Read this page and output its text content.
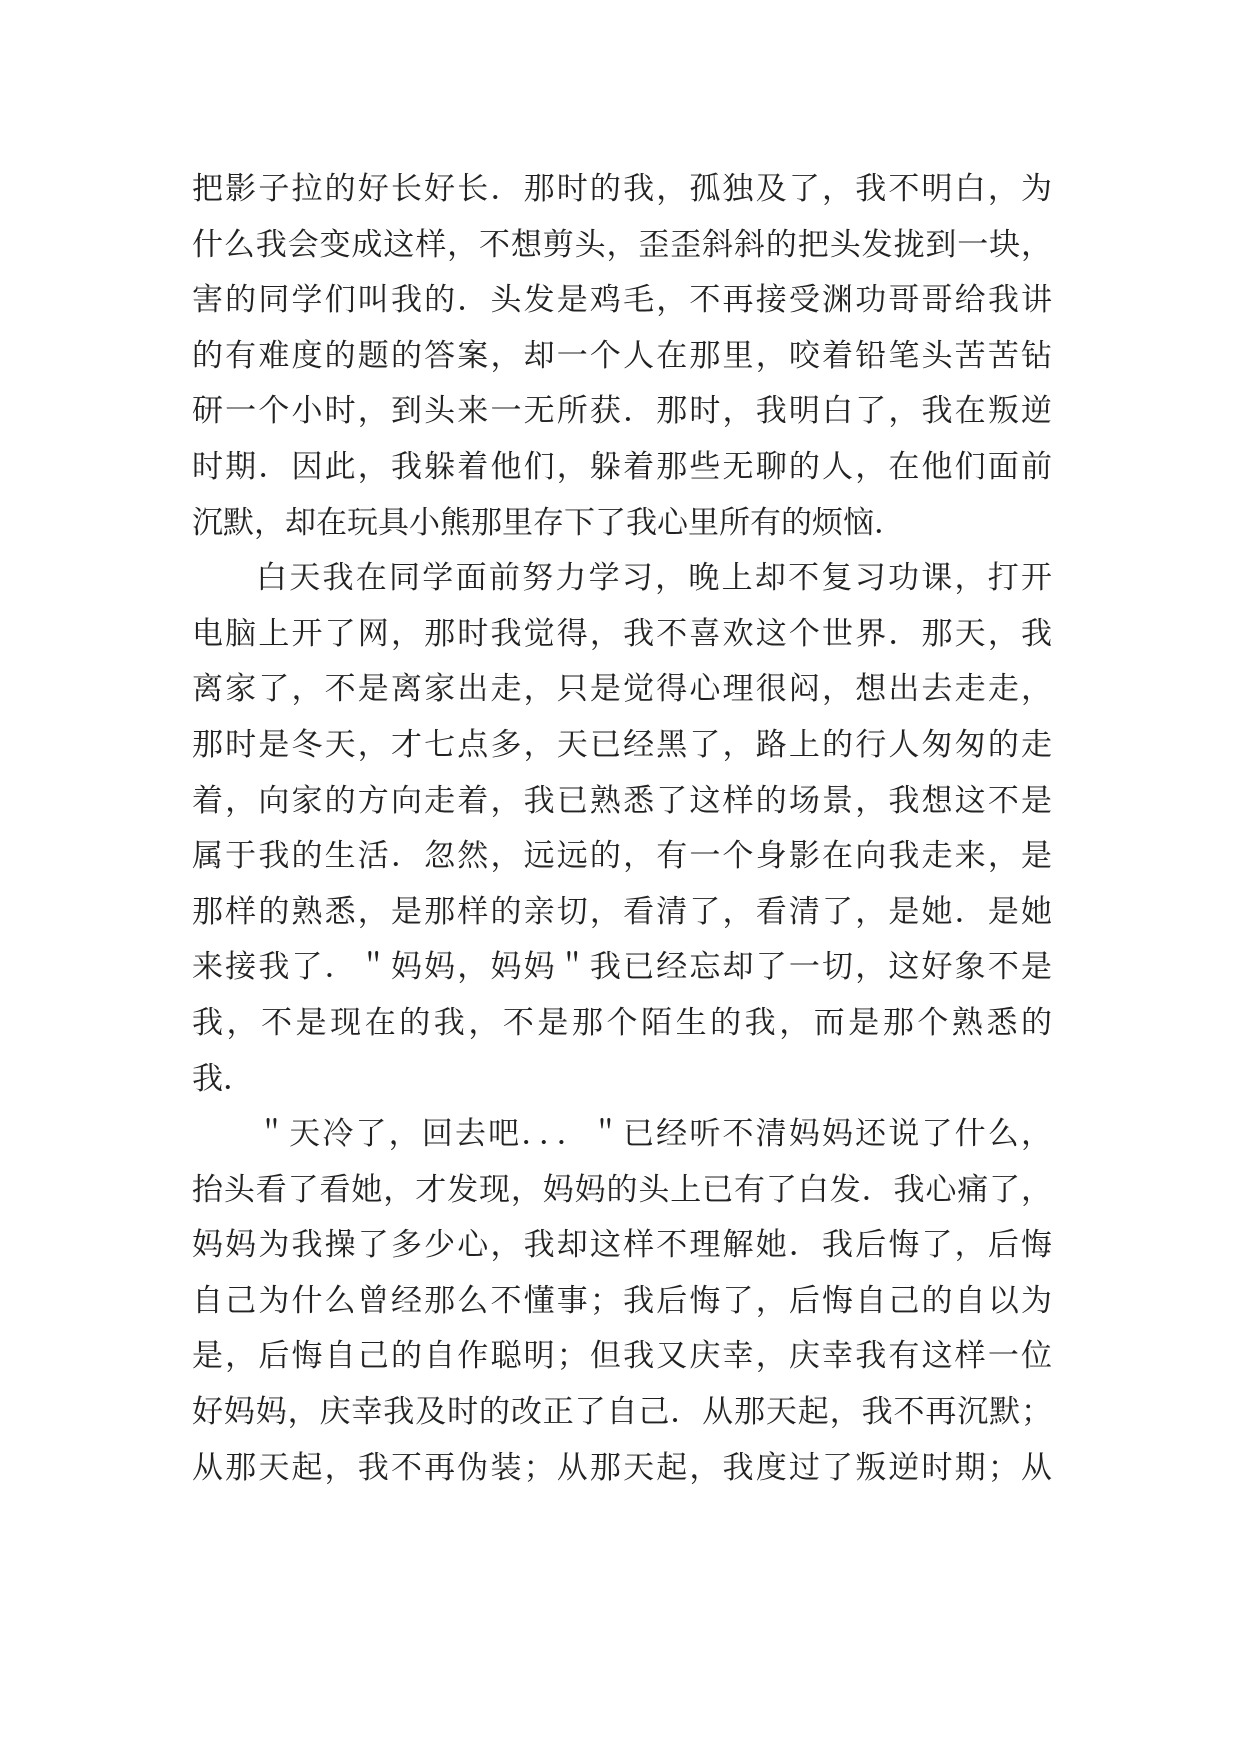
把影子拉的好长好长．那时的我，孤独及了，我不明白，为
什么我会变成这样，不想剪头，歪歪斜斜的把头发拢到一块，
害的同学们叫我的．头发是鸡毛，不再接受渊功哥哥给我讲
的有难度的题的答案，却一个人在那里，咬着铅笔头苦苦钻
研一个小时，到头来一无所获．那时，我明白了，我在叛逆
时期．因此，我躲着他们，躲着那些无聊的人，在他们面前
沉默，却在玩具小熊那里存下了我心里所有的烦恼．
白天我在同学面前努力学习，晚上却不复习功课，打开
电脑上开了网，那时我觉得，我不喜欢这个世界．那天，我
离家了，不是离家出走，只是觉得心理很闷，想出去走走，
那时是冬天，才七点多，天已经黑了，路上的行人匆匆的走
着，向家的方向走着，我已熟悉了这样的场景，我想这不是
属于我的生活．忽然，远远的，有一个身影在向我走来，是
那样的熟悉，是那样的亲切，看清了，看清了，是她．是她
来接我了．＂妈妈，妈妈＂我已经忘却了一切，这好象不是
我，不是现在的我，不是那个陌生的我，而是那个熟悉的
我．
＂天冷了，回去吧．．．＂已经听不清妈妈还说了什么，
抬头看了看她，才发现，妈妈的头上已有了白发．我心痛了，
妈妈为我操了多少心，我却这样不理解她．我后悔了，后悔
自己为什么曾经那么不懂事；我后悔了，后悔自己的自以为
是，后悔自己的自作聪明；但我又庆幸，庆幸我有这样一位
好妈妈，庆幸我及时的改正了自己．从那天起，我不再沉默；
从那天起，我不再伪装；从那天起，我度过了叛逆时期；从
